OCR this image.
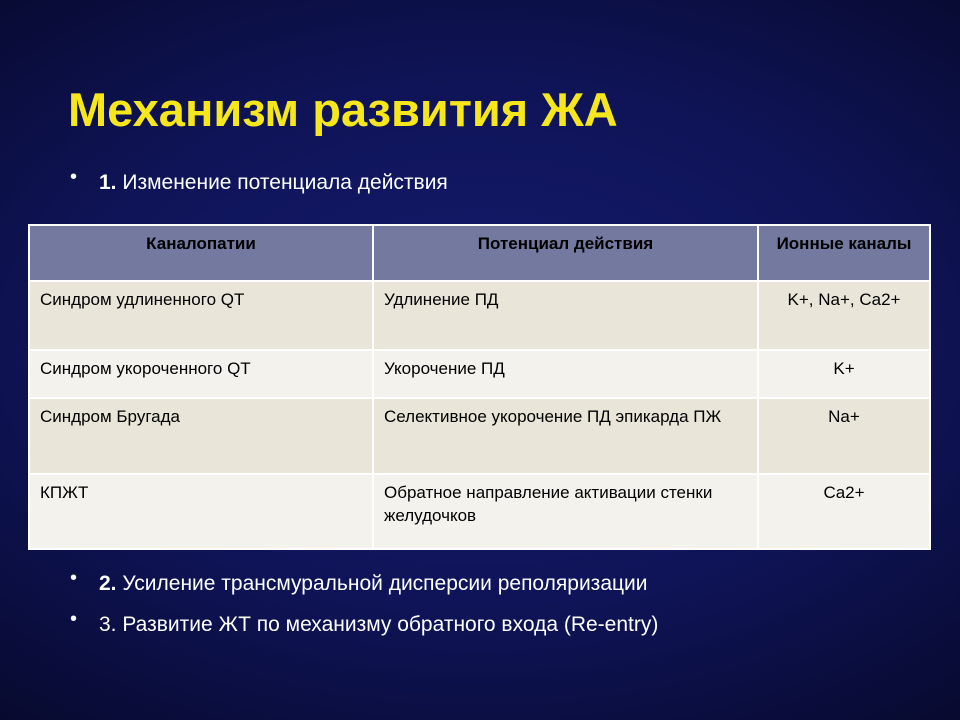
Механизм развития ЖА
• 1. Изменение потенциала действия
Каналопатии	Потенциал действия	Ионные каналы
Синдром удлиненного QT	Удлинение ПД	K+, Na+, Ca2+
Синдром укороченного QT	Укорочение ПД	K+
Синдром Бругада	Селективное укорочение ПД эпикарда ПЖ	Na+
КПЖТ	Обратное направление активации стенки желудочков	Ca2+
• 2. Усиление трансмуральной дисперсии реполяризации
• 3. Развитие ЖТ по механизму обратного входа (Re-entry)
